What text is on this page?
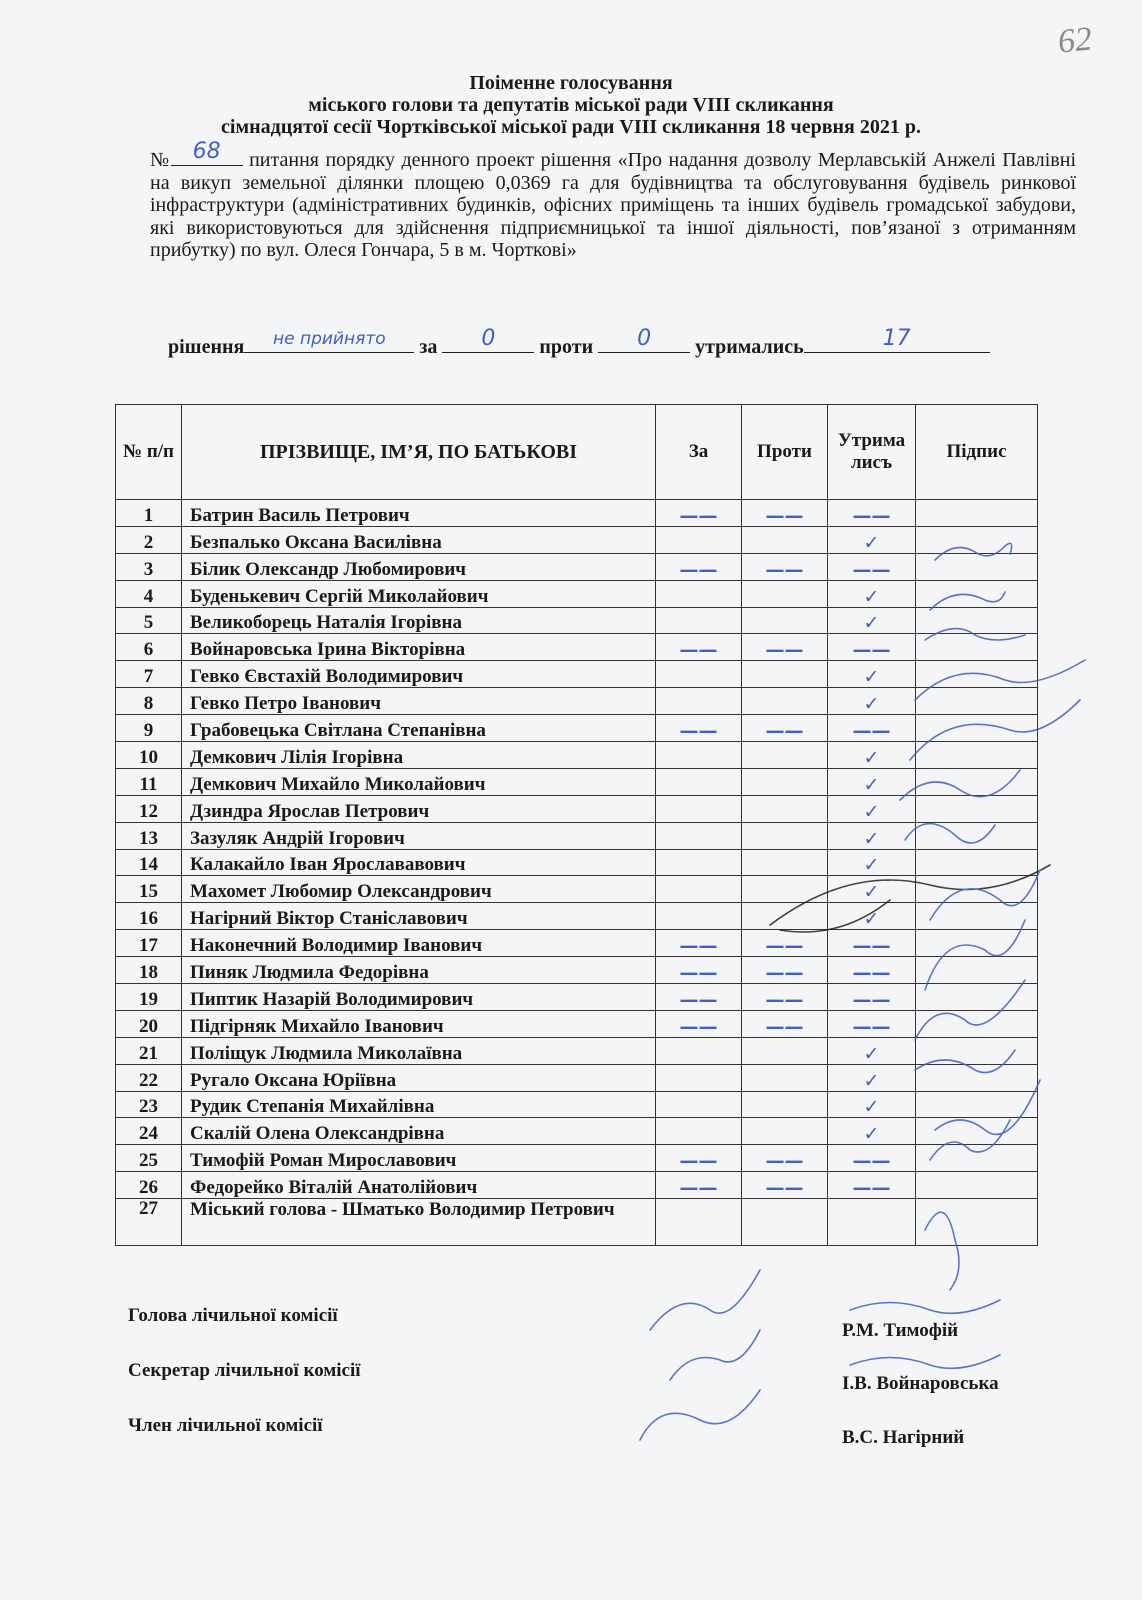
62
Поіменне голосування
міського голови та депутатів міської ради VIII скликання
сімнадцятої сесії Чортківської міської ради VIII скликання 18 червня 2021 р.
№	68	питання порядку денного проект рішення «Про надання дозволу Мерлавській Анжелі Павлівні на викуп земельної ділянки площею 0,0369 га для будівництва та обслуговування будівель ринкової інфраструктури (адміністративних будинків, офісних приміщень та інших будівель громадської забудови, які використовуються для здійснення підприємницької та іншої діяльності, пов’язаної з отриманням прибутку) по вул. Олеся Гончара, 5 в м. Чорткові»
рішення	не прийнято	за	0	проти	0	утримались	17
№ п/п	ПРІЗВИЩЕ, ІМ’Я, ПО БАТЬКОВІ	За	Проти	Утрималисъ	Підпис
1	Батрин Василь Петрович	——	——	——	
2	Безпалько Оксана Василівна			✓	
3	Білик Олександр Любомирович	——	——	——	
4	Буденькевич Сергій Миколайович			✓	
5	Великоборець Наталія Ігорівна			✓	
6	Войнаровська Ірина Вікторівна	——	——	——	
7	Гевко Євстахій Володимирович			✓	
8	Гевко Петро Іванович			✓	
9	Грабовецька Світлана Степанівна	——	——	——	
10	Демкович Лілія Ігорівна			✓	
11	Демкович Михайло Миколайович			✓	
12	Дзиндра Ярослав Петрович			✓	
13	Зазуляк Андрій Ігорович			✓	
14	Калакайло Іван Ярослававович			✓	
15	Махомет Любомир Олександрович			✓	
16	Нагірний Віктор Станіславович			✓	
17	Наконечний Володимир Іванович	——	——	——	
18	Пиняк Людмила Федорівна	——	——	——	
19	Пиптик Назарій Володимирович	——	——	——	
20	Підгірняк Михайло Іванович	——	——	——	
21	Поліщук Людмила Миколаївна			✓	
22	Ругало Оксана Юріївна			✓	
23	Рудик Степанія Михайлівна			✓	
24	Скалій Олена Олександрівна			✓	
25	Тимофій Роман Мирославович	——	——	——	
26	Федорейко Віталій Анатолійович	——	——	——	
27	Міський голова - Шматько Володимир Петрович				
Голова лічильної комісії
Р.М. Тимофій
Секретар лічильної комісії
І.В. Войнаровська
Член лічильної комісії
В.С. Нагірний
